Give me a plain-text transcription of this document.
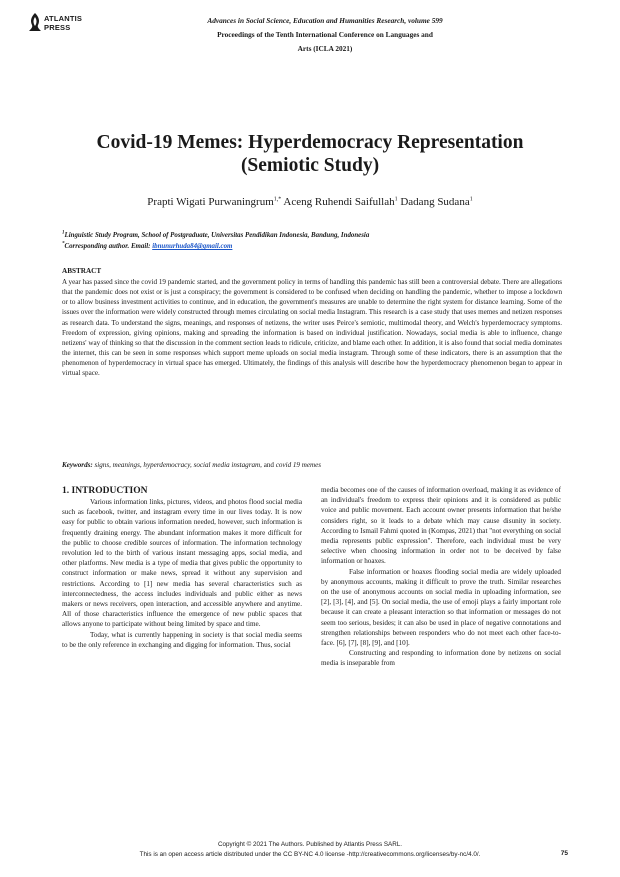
ATLANTIS
PRESS
Advances in Social Science, Education and Humanities Research, volume 599
Proceedings of the Tenth International Conference on Languages and
Arts (ICLA 2021)
Covid-19 Memes: Hyperdemocracy Representation
(Semiotic Study)
Prapti Wigati Purwaningrum$^{1,*}$ Aceng Ruhendi Saifullah$^1$ Dadang Sudana$^1$
$^1$Linguistic Study Program, School of Postgraduate, Universitas Pendidikan Indonesia, Bandung, Indonesia
*Corresponding author. Email: ibnunurhuda84@gmail.com
ABSTRACT
A year has passed since the covid 19 pandemic started, and the government policy in terms of handling this pandemic has still been a controversial debate. There are allegations that the pandemic does not exist or is just a conspiracy; the government is considered to be confused when deciding on handling the pandemic, whether to impose a lockdown or to allow business investment activities to continue, and in education, the government's measures are unable to determine the right system for distance learning. Some of the issues over the information were widely constructed through memes circulating on social media Instagram. This research is a case study that uses memes and netizen responses as research data. To understand the signs, meanings, and responses of netizens, the writer uses Peirce's semiotic, multimodal theory, and Welch's hyperdemocracy symptoms. Freedom of expression, giving opinions, making and spreading the information is based on individual justification. Nowadays, social media is able to influence, change netizens' way of thinking so that the discussion in the comment section leads to ridicule, criticize, and blame each other. In addition, it is also found that social media dominates the internet, this can be seen in some responses which support meme uploads on social media instagram. Through some of these indicators, there is an assumption that the phenomenon of hyperdemocracy in virtual space has emerged. Ultimately, the findings of this analysis will describe how the hyperdemocracy phenomenon began to appear in virtual space.
Keywords: signs, meanings, hyperdemocracy, social media instagram, and covid 19 memes
1. INTRODUCTION

Various information links, pictures, videos, and photos flood social media such as facebook, twitter, and instagram every time in our lives today. It is now easy for public to obtain various information needed, however, such information is frequently draining energy. The abundant information makes it more difficult for the public to choose credible sources of information. The information technology revolution led to the birth of various instant messaging apps, social media, and other platforms. New media is a type of media that gives public the opportunity to construct information or make news, spread it without any supervision and restrictions. According to [1] new media has several characteristics such as interconnectedness, the access includes individuals and public either as news makers or news receivers, open interaction, and accessible anywhere and anytime. All of those characteristics influence the emergence of new public spaces that allows anyone to participate without being limited by space and time.

Today, what is currently happening in society is that social media seems to be the only reference in exchanging and digging for information. Thus, social

media becomes one of the causes of information overload, making it as evidence of an individual's freedom to express their opinions and it is considered as public voice and public movement. Each account owner presents information that he/she considers right, so it leads to a debate which may cause disunity in society. According to Ismail Fahmi quoted in (Kompas, 2021) that "not everything on social media represents public expression". Therefore, each individual must be very selective when choosing information in order not to be deceived by false information or hoaxes.

False information or hoaxes flooding social media are widely uploaded by anonymous accounts, making it difficult to prove the truth. Similar researches on the use of anonymous accounts on social media in uploading information, see [2], [3], [4], and [5]. On social media, the use of emoji plays a fairly important role because it can create a pleasant interaction so that information or messages do not seem too serious, besides; it can also be used in place of negative connotations and strengthen relationships between responders who do not meet each other face-to-face. [6], [7], [8], [9], and [10].

Constructing and responding to information done by netizens on social media is inseparable from

Copyright © 2021 The Authors. Published by Atlantis Press SARL.
This is an open access article distributed under the CC BY-NC 4.0 license -http://creativecommons.org/licenses/by-nc/4.0/.	75
